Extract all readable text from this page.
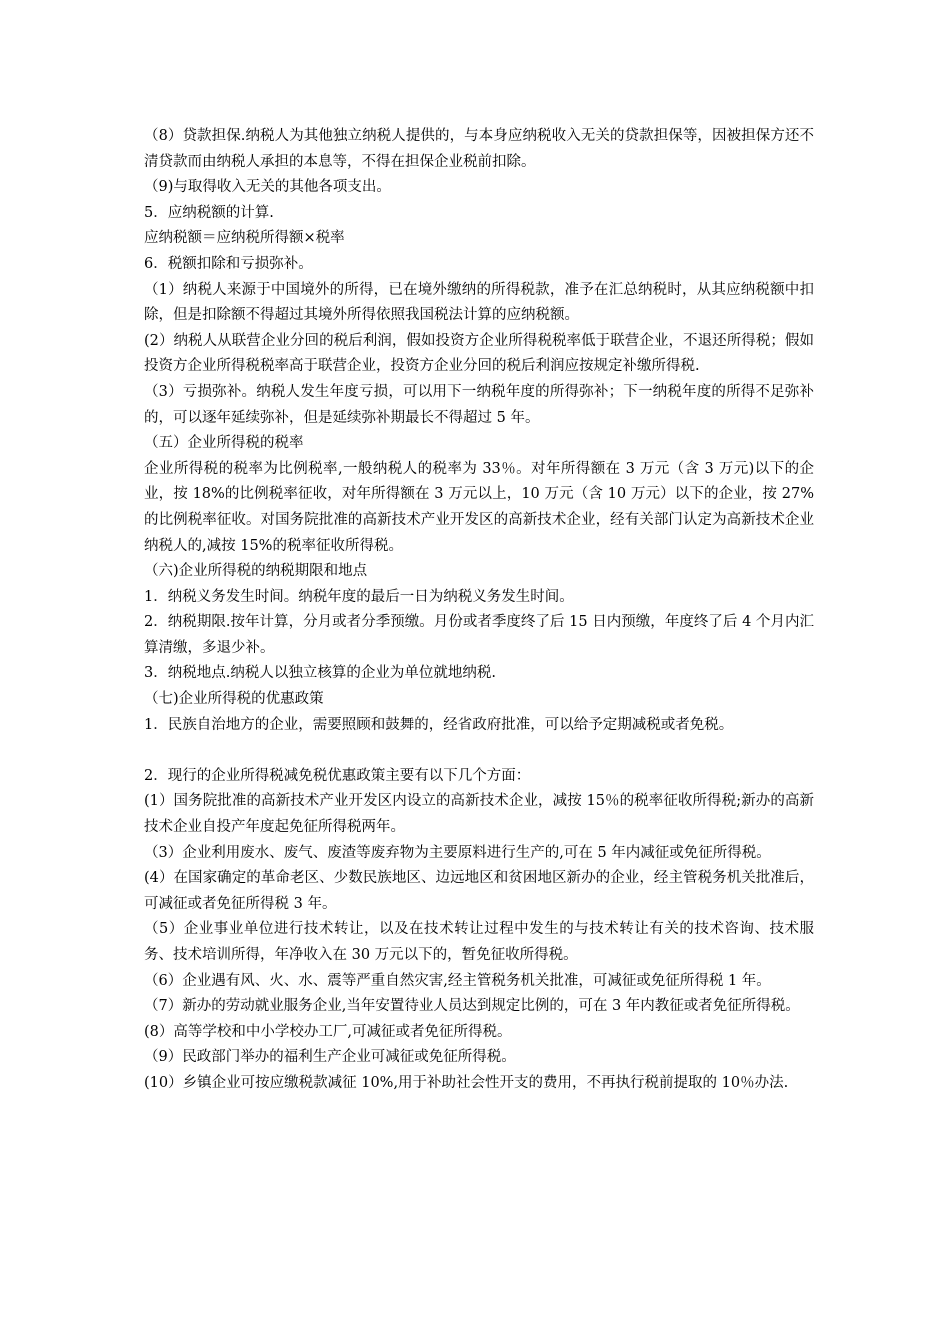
（8）贷款担保.纳税人为其他独立纳税人提供的，与本身应纳税收入无关的贷款担保等，因被担保方还不清贷款而由纳税人承担的本息等，不得在担保企业税前扣除。

（9)与取得收入无关的其他各项支出。

5．应纳税额的计算.

应纳税额＝应纳税所得额×税率

6．税额扣除和亏损弥补。

（1）纳税人来源于中国境外的所得，已在境外缴纳的所得税款，准予在汇总纳税时，从其应纳税额中扣除，但是扣除额不得超过其境外所得依照我国税法计算的应纳税额。

(2）纳税人从联营企业分回的税后利润，假如投资方企业所得税税率低于联营企业，不退还所得税；假如投资方企业所得税税率高于联营企业，投资方企业分回的税后利润应按规定补缴所得税.

（3）亏损弥补。纳税人发生年度亏损，可以用下一纳税年度的所得弥补；下一纳税年度的所得不足弥补的，可以逐年延续弥补，但是延续弥补期最长不得超过 5 年。

（五）企业所得税的税率

企业所得税的税率为比例税率,一般纳税人的税率为 33％。对年所得额在 3 万元（含 3 万元)以下的企业，按 18%的比例税率征收，对年所得额在 3 万元以上，10 万元（含 10 万元）以下的企业，按 27%的比例税率征收。对国务院批准的高新技术产业开发区的高新技术企业，经有关部门认定为高新技术企业纳税人的,减按 15%的税率征收所得税。

（六)企业所得税的纳税期限和地点

1．纳税义务发生时间。纳税年度的最后一日为纳税义务发生时间。

2．纳税期限.按年计算，分月或者分季预缴。月份或者季度终了后 15 日内预缴，年度终了后 4 个月内汇算清缴，多退少补。

3．纳税地点.纳税人以独立核算的企业为单位就地纳税.

（七)企业所得税的优惠政策

1．民族自治地方的企业，需要照顾和鼓舞的，经省政府批准，可以给予定期减税或者免税。

2．现行的企业所得税减免税优惠政策主要有以下几个方面：

(1）国务院批准的高新技术产业开发区内设立的高新技术企业，减按 15％的税率征收所得税;新办的高新技术企业自投产年度起免征所得税两年。

（3）企业利用废水、废气、废渣等废弃物为主要原料进行生产的,可在 5 年内减征或免征所得税。

(4）在国家确定的革命老区、少数民族地区、边远地区和贫困地区新办的企业，经主管税务机关批准后，可减征或者免征所得税 3 年。

（5）企业事业单位进行技术转让，以及在技术转让过程中发生的与技术转让有关的技术咨询、技术服务、技术培训所得，年净收入在 30 万元以下的，暂免征收所得税。

（6）企业遇有风、火、水、震等严重自然灾害,经主管税务机关批准，可减征或免征所得税 1 年。

（7）新办的劳动就业服务企业,当年安置待业人员达到规定比例的，可在 3 年内教征或者免征所得税。

(8）高等学校和中小学校办工厂,可减征或者免征所得税。

（9）民政部门举办的福利生产企业可减征或免征所得税。

(10）乡镇企业可按应缴税款减征 10%,用于补助社会性开支的费用，不再执行税前提取的 10％办法.
